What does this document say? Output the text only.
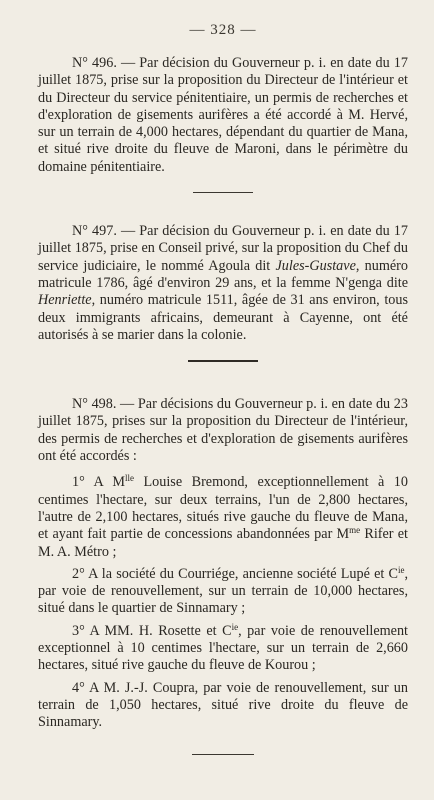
— 328 —

N° 496. — Par décision du Gouverneur p. i. en date du 17 juillet 1875, prise sur la proposition du Directeur de l'intérieur et du Directeur du service pénitentiaire, un permis de recherches et d'exploration de gisements aurifères a été accordé à M. Hervé, sur un terrain de 4,000 hectares, dépendant du quartier de Mana, et situé rive droite du fleuve de Maroni, dans le périmètre du domaine pénitentiaire.

N° 497. — Par décision du Gouverneur p. i. en date du 17 juillet 1875, prise en Conseil privé, sur la proposition du Chef du service judiciaire, le nommé Agoula dit Jules-Gustave, numéro matricule 1786, âgé d'environ 29 ans, et la femme N'genga dite Henriette, numéro matricule 1511, âgée de 31 ans environ, tous deux immigrants africains, demeurant à Cayenne, ont été autorisés à se marier dans la colonie.

N° 498. — Par décisions du Gouverneur p. i. en date du 23 juillet 1875, prises sur la proposition du Directeur de l'intérieur, des permis de recherches et d'exploration de gisements aurifères ont été accordés :

1° A $M^{lle}$ Louise Bremond, exceptionnellement à 10 centimes l'hectare, sur deux terrains, l'un de 2,800 hectares, l'autre de 2,100 hectares, situés rive gauche du fleuve de Mana, et ayant fait partie de concessions abandonnées par $M^{me}$ Rifer et M. A. Métro ;

2° A la société du Courriége, ancienne société Lupé et $C^{ie}$, par voie de renouvellement, sur un terrain de 10,000 hectares, situé dans le quartier de Sinnamary ;

3° A MM. H. Rosette et $C^{ie}$, par voie de renouvellement exceptionnel à 10 centimes l'hectare, sur un terrain de 2,660 hectares, situé rive gauche du fleuve de Kourou ;

4° A M. J.-J. Coupra, par voie de renouvellement, sur un terrain de 1,050 hectares, situé rive droite du fleuve de Sinnamary.
